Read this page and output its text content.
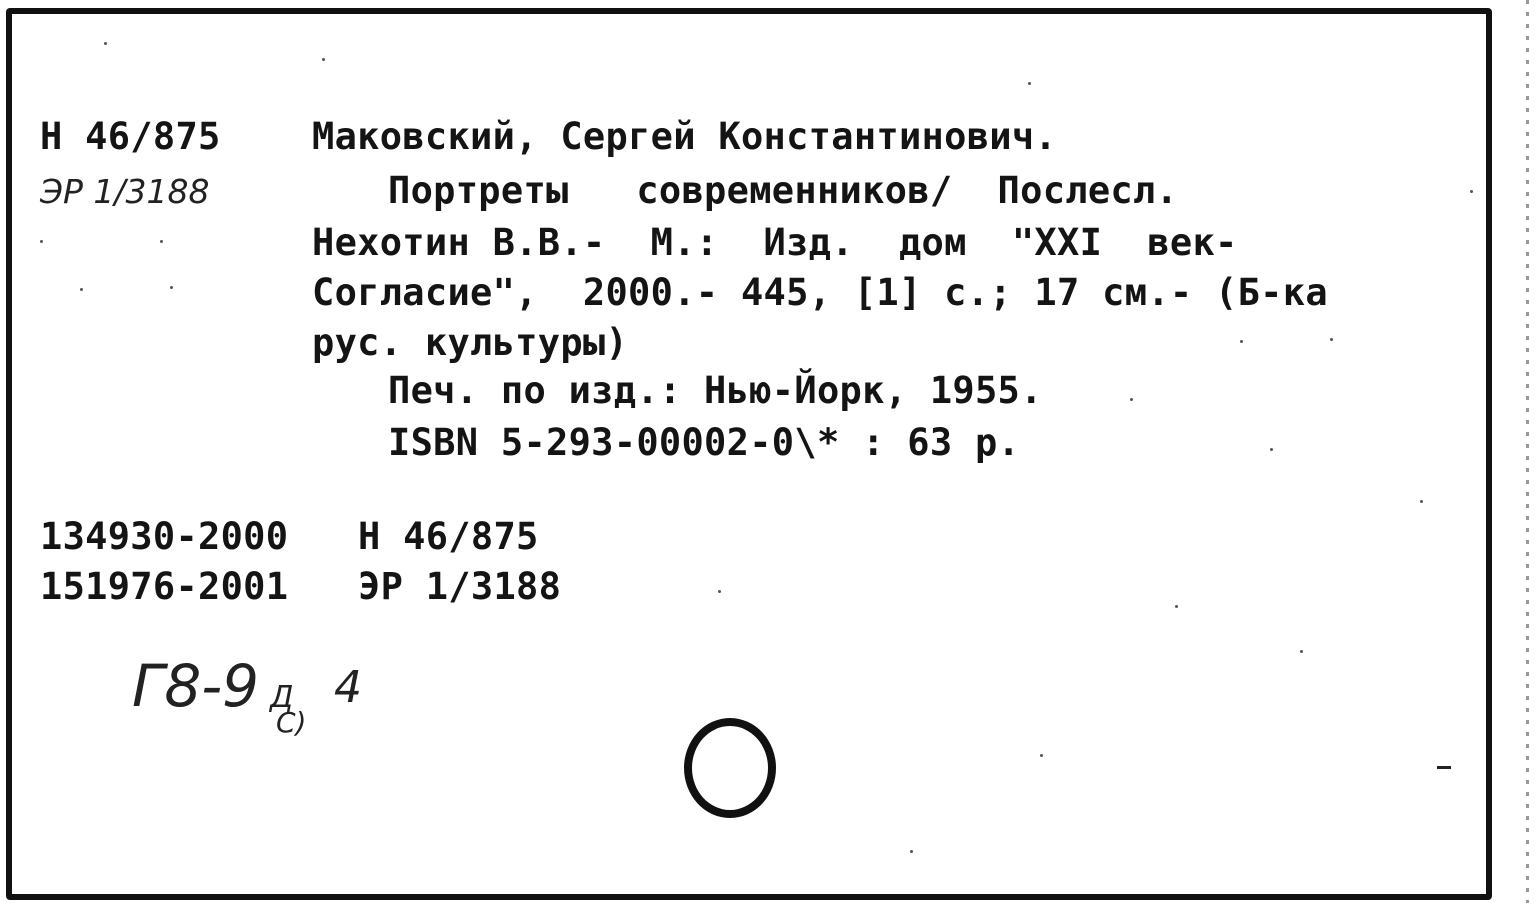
Н 46/875
ЭР 1/3188
Маковский, Сергей Константинович.
Портреты   современников/  Послесл.
Нехотин В.В.-  М.:  Изд.  дом  "XXI  век-
Согласие",  2000.- 445, [1] с.; 17 см.- (Б-ка
рус. культуры)
Печ. по изд.: Нью-Йорк, 1955.
ISBN 5-293-00002-0\* : 63 р.
134930-2000 Н 46/875
151976-2001 ЭР 1/3188
Г8-9 Д
С)
4
